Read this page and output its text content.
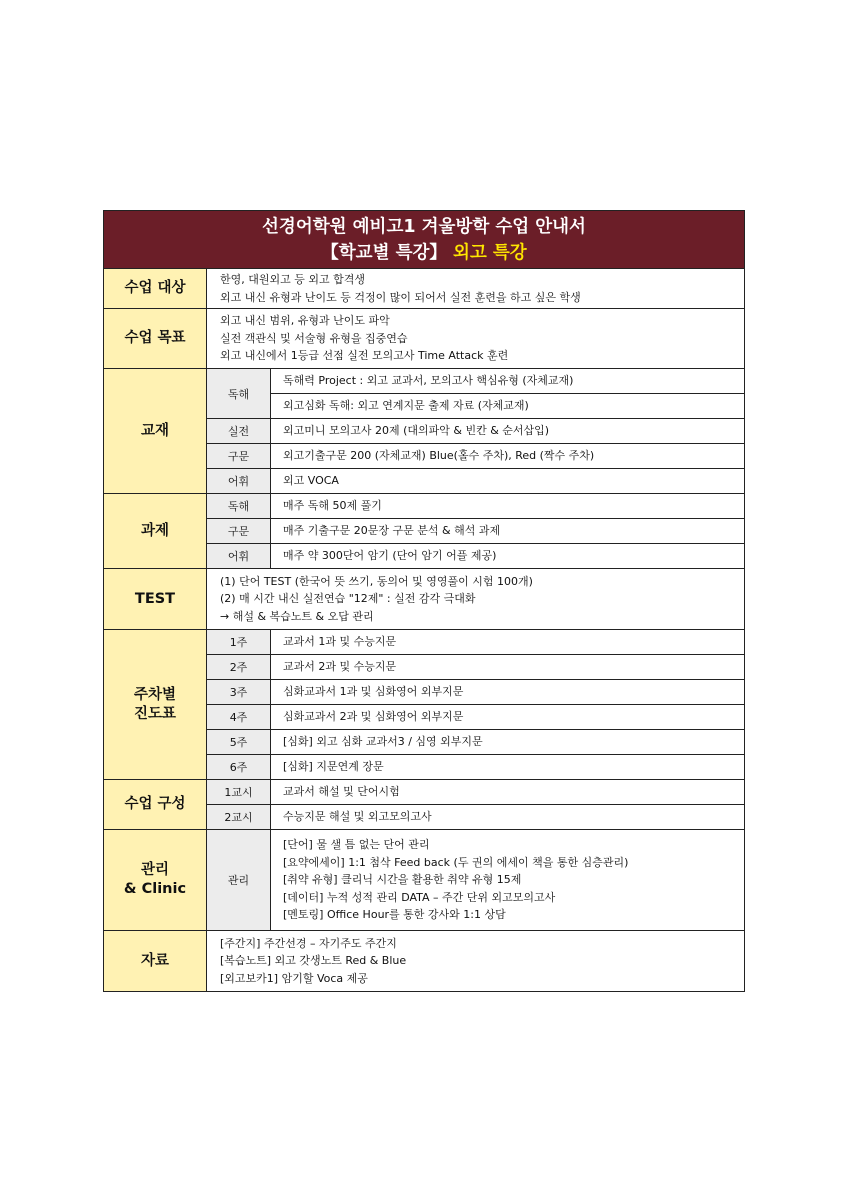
선경어학원 예비고1 겨울방학 수업 안내서
【학교별 특강】 외고 특강		

수업 대상	한영, 대원외고 등 외고 합격생
외고 내신 유형과 난이도 등 걱정이 많이 되어서 실전 훈련을 하고 싶은 학생	

수업 목표	외고 내신 범위, 유형과 난이도 파악
실전 객관식 및 서술형 유형을 집중연습
외고 내신에서 1등급 선점 실전 모의고사 Time Attack 훈련	

교재	독해	독해력 Project : 외고 교과서, 모의고사 핵심유형 (자체교재)
		외고심화 독해: 외고 연계지문 출제 자료 (자체교재)
	실전	외고미니 모의고사 20제 (대의파악 & 빈칸 & 순서삽입)
	구문	외고기출구문 200 (자체교재) Blue(홀수 주차), Red (짝수 주차)
	어휘	외고 VOCA
과제	독해	매주 독해 50제 풀기
	구문	매주 기출구문 20문장 구문 분석 & 해석 과제
	어휘	매주 약 300단어 암기 (단어 암기 어플 제공)
TEST	(1) 단어 TEST (한국어 뜻 쓰기, 동의어 및 영영풀이 시험 100개)
(2) 매 시간 내신 실전연습 "12제" : 실전 감각 극대화
→ 해설 & 복습노트 & 오답 관리	

주차별
진도표	1주	교과서 1과 및 수능지문
	2주	교과서 2과 및 수능지문
	3주	심화교과서 1과 및 심화영어 외부지문
	4주	심화교과서 2과 및 심화영어 외부지문
	5주	[심화] 외고 심화 교과서3 / 심영 외부지문
	6주	[심화] 지문연계 장문
수업 구성	1교시	교과서 해설 및 단어시험
	2교시	수능지문 해설 및 외고모의고사

관리
& Clinic	관리	[단어] 물 샐 틈 없는 단어 관리
[요약에세이] 1:1 첨삭 Feed back (두 권의 에세이 책을 통한 심층관리)
[취약 유형] 클리닉 시간을 활용한 취약 유형 15제
[데이터] 누적 성적 관리 DATA – 주간 단위 외고모의고사
[멘토링] Office Hour를 통한 강사와 1:1 상담

자료	[주간지] 주간선경 – 자기주도 주간지
[복습노트] 외고 갓생노트 Red & Blue
[외고보카1] 암기할 Voca 제공	
